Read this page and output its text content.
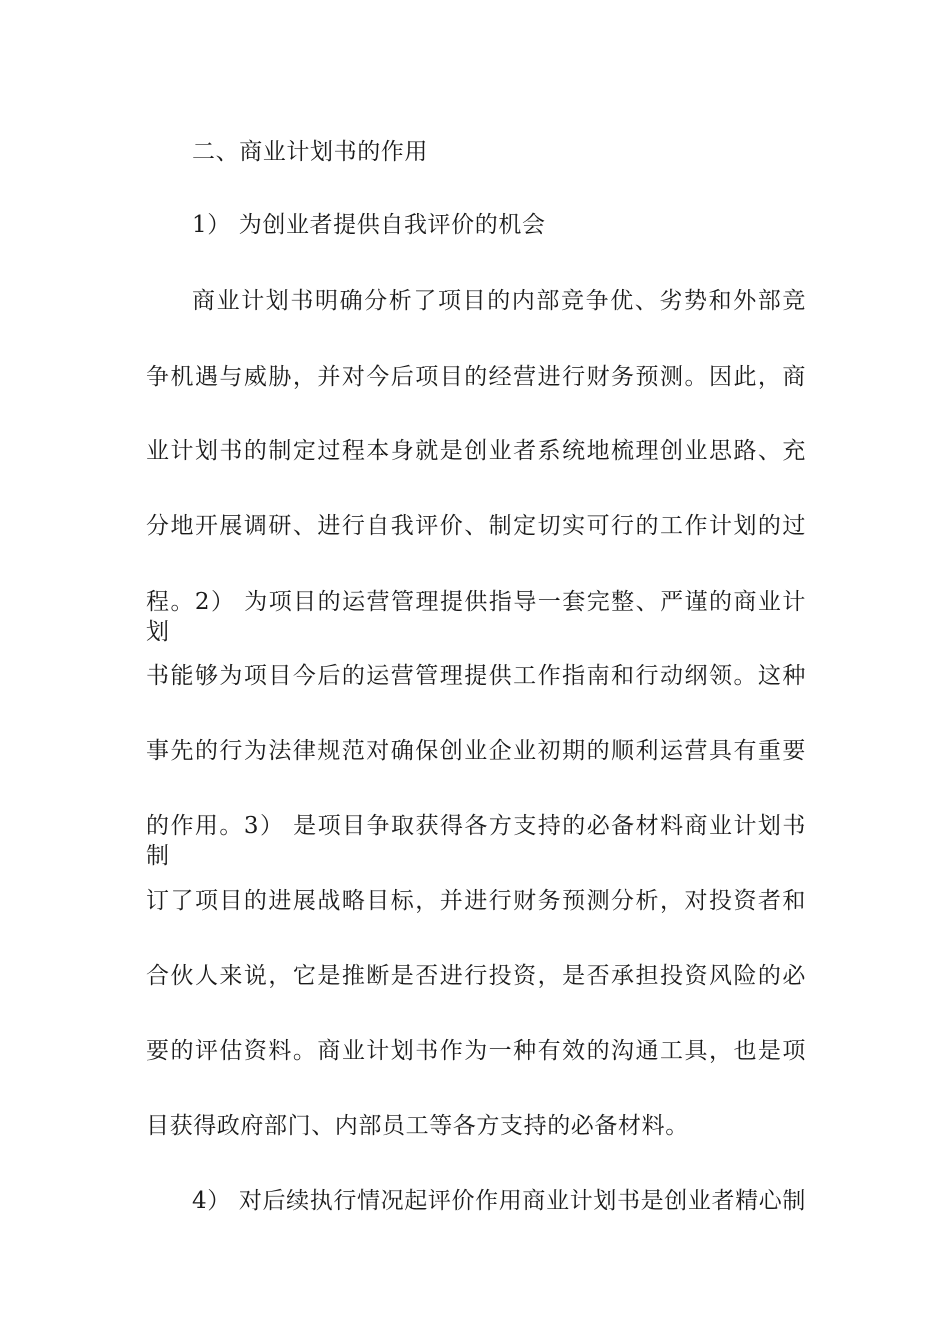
二、商业计划书的作用
1） 为创业者提供自我评价的机会
商业计划书明确分析了项目的内部竞争优、劣势和外部竞
争机遇与威胁，并对今后项目的经营进行财务预测。因此，商
业计划书的制定过程本身就是创业者系统地梳理创业思路、充
分地开展调研、进行自我评价、制定切实可行的工作计划的过
程。2） 为项目的运营管理提供指导一套完整、严谨的商业计划
书能够为项目今后的运营管理提供工作指南和行动纲领。这种
事先的行为法律规范对确保创业企业初期的顺利运营具有重要
的作用。3） 是项目争取获得各方支持的必备材料商业计划书制
订了项目的进展战略目标，并进行财务预测分析，对投资者和
合伙人来说，它是推断是否进行投资，是否承担投资风险的必
要的评估资料。商业计划书作为一种有效的沟通工具，也是项
目获得政府部门、内部员工等各方支持的必备材料。
4） 对后续执行情况起评价作用商业计划书是创业者精心制
